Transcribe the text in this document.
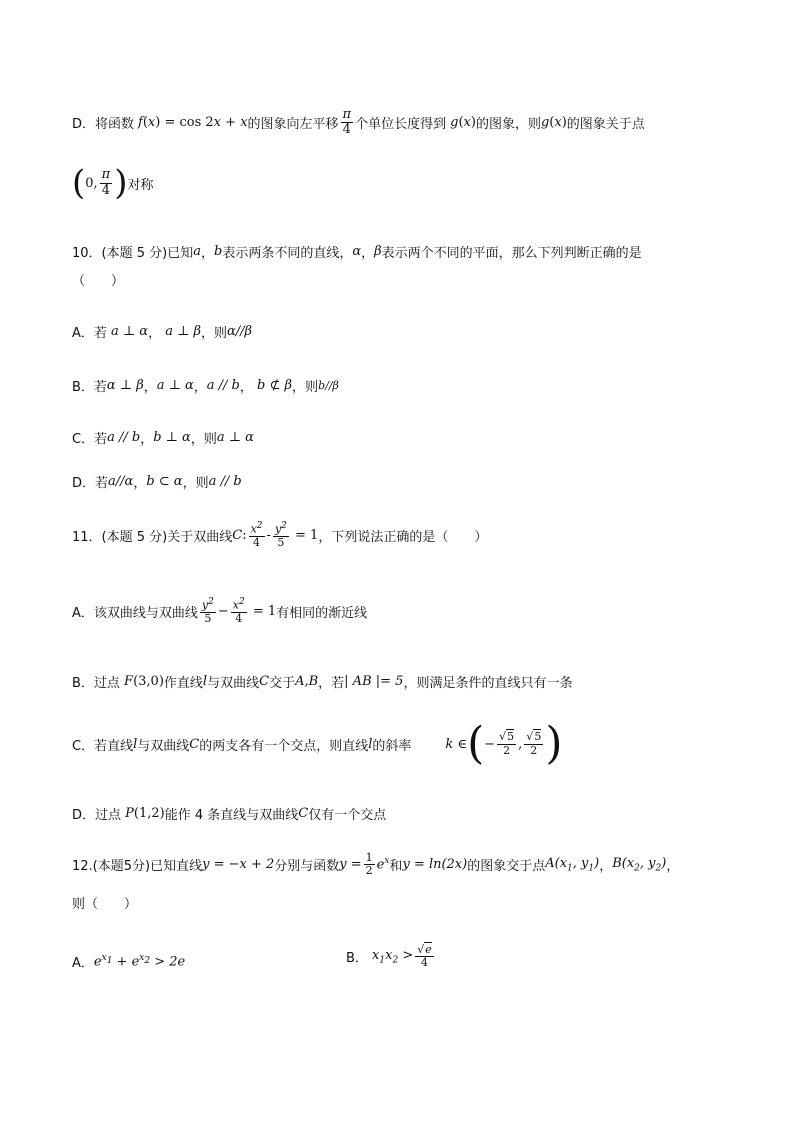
D．将函数 f ( x ) = cos 2 x + x 的图象向左平移 $\frac{\pi}{4}$ 个单位长度得到 g ( x ) 的图象，则 g ( x ) 的图象关于点
( 0, $\frac{\pi}{4}$ ) 对称
10．(本题 5 分)已知 a ， b 表示两条不同的直线， α ， β 表示两个不同的平面，那么下列判断正确的是
（　　）
A．若 a ⊥ α ， a ⊥ β ， 则 α//β
B．若 α ⊥ β ， a ⊥ α ， a // b ， b ⊄ β ， 则 b//β
C．若 a // b ， b ⊥ α ， 则 a ⊥ α
D．若 a//α ， b ⊂ α ， 则 a // b
11．(本题 5 分)关于双曲线 C : $\frac{x^2}{4} - \frac{y^2}{5} = 1$ ，下列说法正确的是（　　）
A．该双曲线与双曲线 $\frac{y^2}{5} - \frac{x^2}{4} = 1$ 有相同的渐近线
B．过点 F (3,0) 作直线 l 与双曲线 C 交于 A,B ，若 | AB |= 5 ，则满足条件的直线只有一条
C．若直线 l 与双曲线 C 的两支各有一个交点，则直线 l 的斜率	k ∈ ( − $\frac{√5}{2}$ , $\frac{√5}{2}$ )
D．过点 P (1,2) 能作 4 条直线与双曲线 C 仅有一个交点
12.(本题5分)已知直线 y = −x + 2 分别与函数 $y = \frac{1}{2} e^x$ 和 y = ln(2x) 的图象交于点 $A(x_1$, $y_1$) ， $B(x_2$, $y_2$) ，
则（　　）
A． $e^{x_1} + e^{x_2} > 2e$	B． $x_1x_2 > \frac{√e}{4}$
